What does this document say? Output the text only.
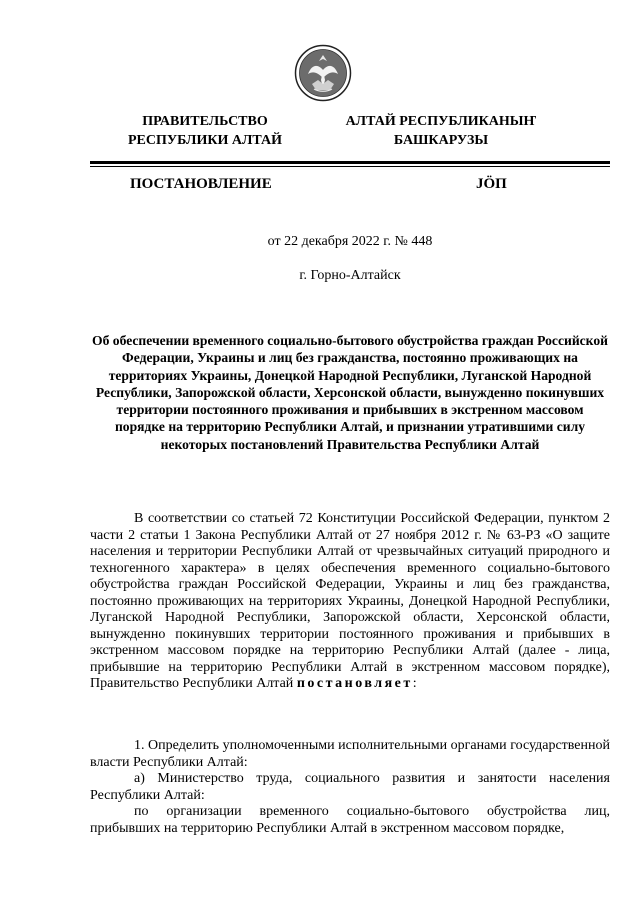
ПРАВИТЕЛЬСТВО
РЕСПУБЛИКИ АЛТАЙ
АЛТАЙ РЕСПУБЛИКАНЫҤ
БАШКАРУЗЫ
ПОСТАНОВЛЕНИЕ	JÖП
от 22 декабря 2022 г. № 448
г. Горно-Алтайск
Об обеспечении временного социально-бытового обустройства граждан Российской Федерации, Украины и лиц без гражданства, постоянно проживающих на территориях Украины, Донецкой Народной Республики, Луганской Народной Республики, Запорожской области, Херсонской области, вынужденно покинувших территории постоянного проживания и прибывших в экстренном массовом порядке на территорию Республики Алтай, и признании утратившими силу некоторых постановлений Правительства Республики Алтай

В соответствии со статьей 72 Конституции Российской Федерации, пунктом 2 части 2 статьи 1 Закона Республики Алтай от 27 ноября 2012 г. № 63-РЗ «О защите населения и территории Республики Алтай от чрезвычайных ситуаций природного и техногенного характера» в целях обеспечения временного социально-бытового обустройства граждан Российской Федерации, Украины и лиц без гражданства, постоянно проживающих на территориях Украины, Донецкой Народной Республики, Луганской Народной Республики, Запорожской области, Херсонской области, вынужденно покинувших территории постоянного проживания и прибывших в экстренном массовом порядке на территорию Республики Алтай (далее - лица, прибывшие на территорию Республики Алтай в экстренном массовом порядке), Правительство Республики Алтай постановляет:

1. Определить уполномоченными исполнительными органами государственной власти Республики Алтай:

а) Министерство труда, социального развития и занятости населения Республики Алтай:

по организации временного социально-бытового обустройства лиц, прибывших на территорию Республики Алтай в экстренном массовом порядке,
